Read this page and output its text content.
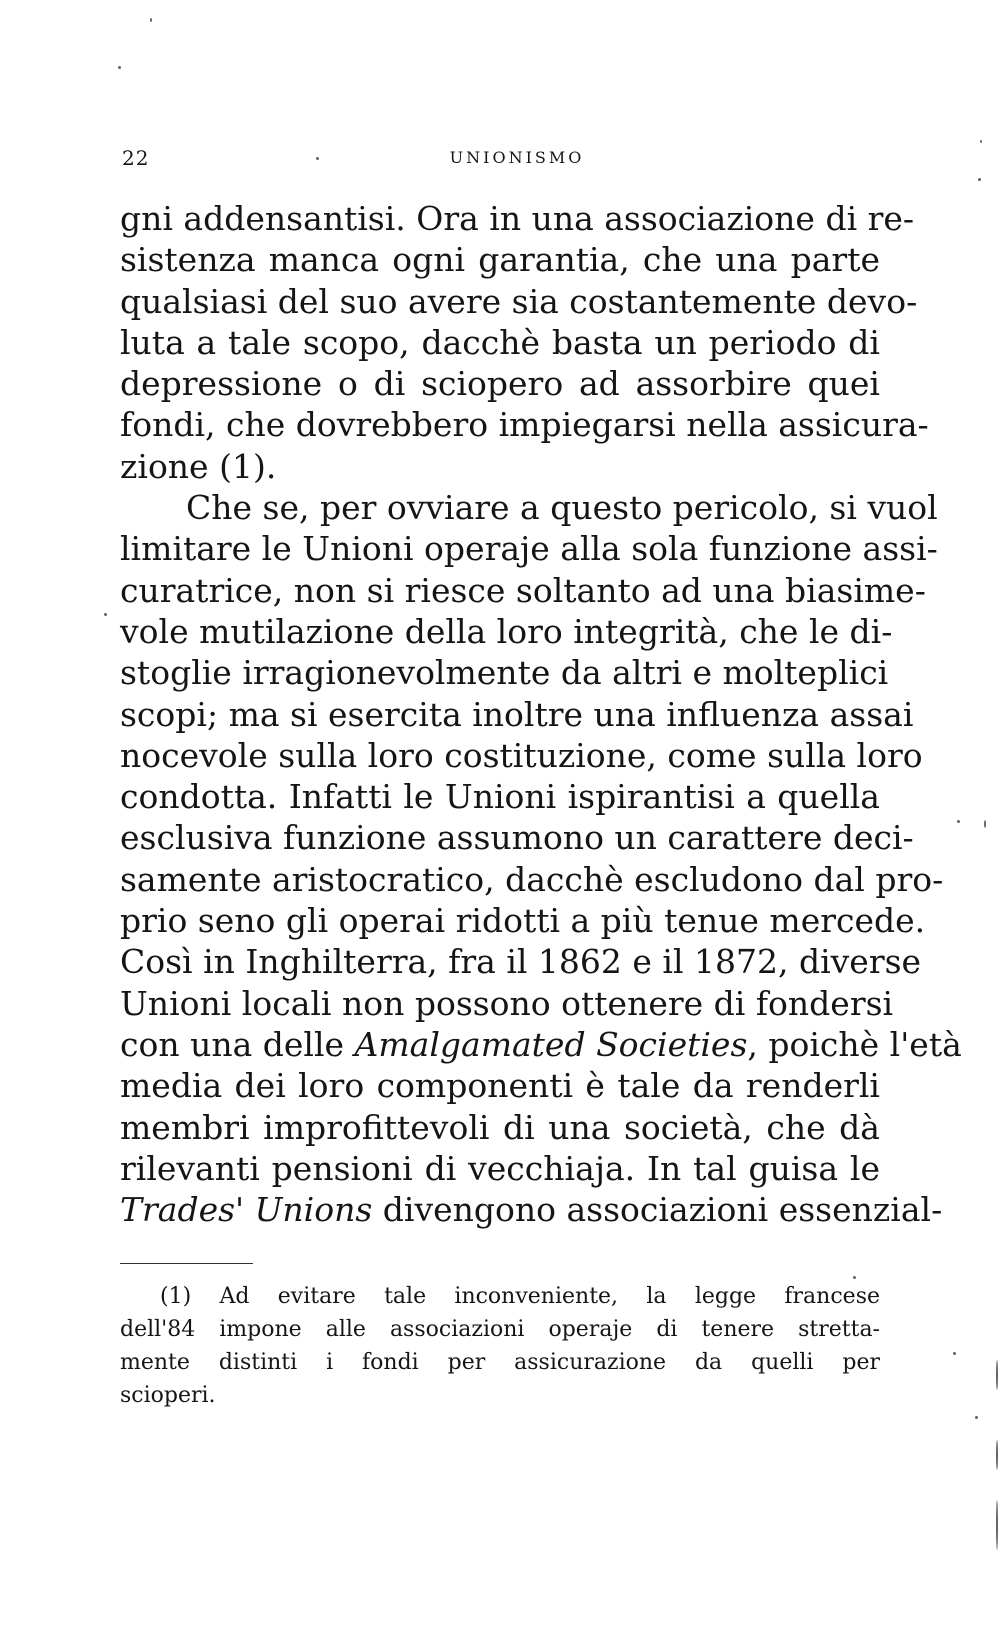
22	UNIONISMO
gni addensantisi. Ora in una associazione di re-
sistenza manca ogni garantia, che una parte
qualsiasi del suo avere sia costantemente devo-
luta a tale scopo, dacchè basta un periodo di
depressione o di sciopero ad assorbire quei
fondi, che dovrebbero impiegarsi nella assicura-
zione (1).
Che se, per ovviare a questo pericolo, si vuol
limitare le Unioni operaje alla sola funzione assi-
curatrice, non si riesce soltanto ad una biasime-
vole mutilazione della loro integrità, che le di-
stoglie irragionevolmente da altri e molteplici
scopi; ma si esercita inoltre una influenza assai
nocevole sulla loro costituzione, come sulla loro
condotta. Infatti le Unioni ispirantisi a quella
esclusiva funzione assumono un carattere deci-
samente aristocratico, dacchè escludono dal pro-
prio seno gli operai ridotti a più tenue mercede.
Così in Inghilterra, fra il 1862 e il 1872, diverse
Unioni locali non possono ottenere di fondersi
con una delle Amalgamated Societies, poichè l'età
media dei loro componenti è tale da renderli
membri improfittevoli di una società, che dà
rilevanti pensioni di vecchiaja. In tal guisa le
Trades' Unions divengono associazioni essenzial-
(1) Ad evitare tale inconveniente, la legge francese
dell'84 impone alle associazioni operaje di tenere stretta-
mente distinti i fondi per assicurazione da quelli per
scioperi.
